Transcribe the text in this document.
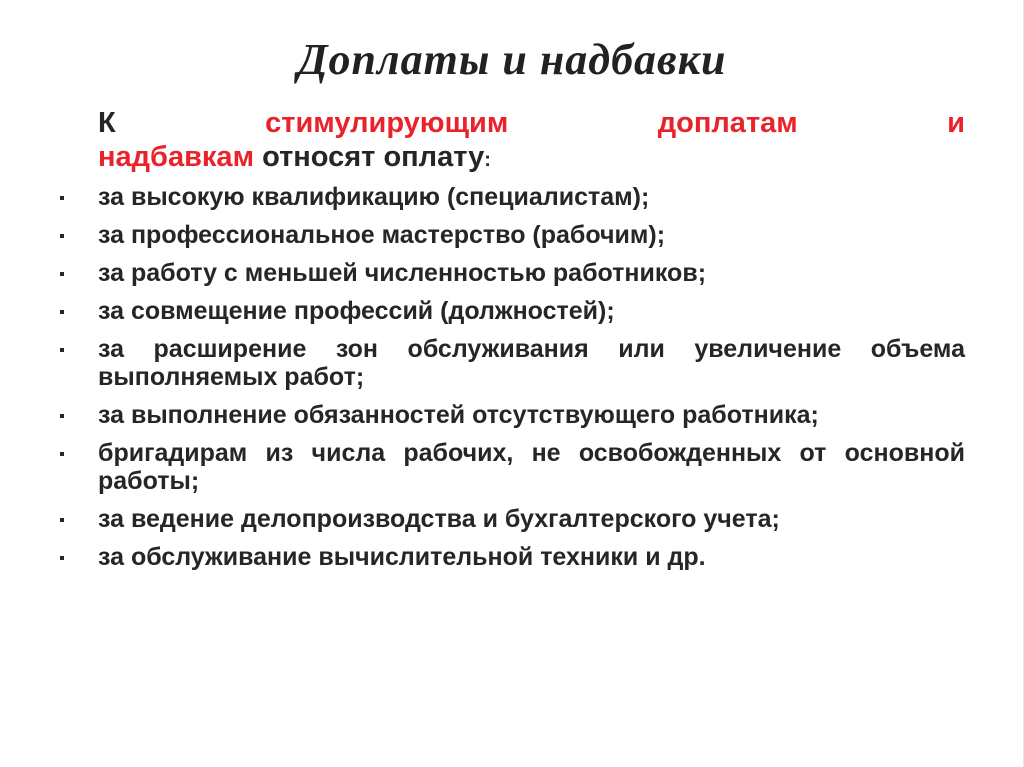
Доплаты и надбавки
К	стимулирующим	доплатам	и
надбавкам относят оплату:
за высокую квалификацию (специалистам);
за профессиональное мастерство (рабочим);
за работу с меньшей численностью работников;
за совмещение профессий (должностей);
за расширение зон обслуживания или увеличение объема выполняемых работ;
за выполнение обязанностей отсутствующего работника;
бригадирам из числа рабочих, не освобожденных от основной работы;
за ведение делопроизводства и бухгалтерского учета;
за обслуживание вычислительной техники и др.
